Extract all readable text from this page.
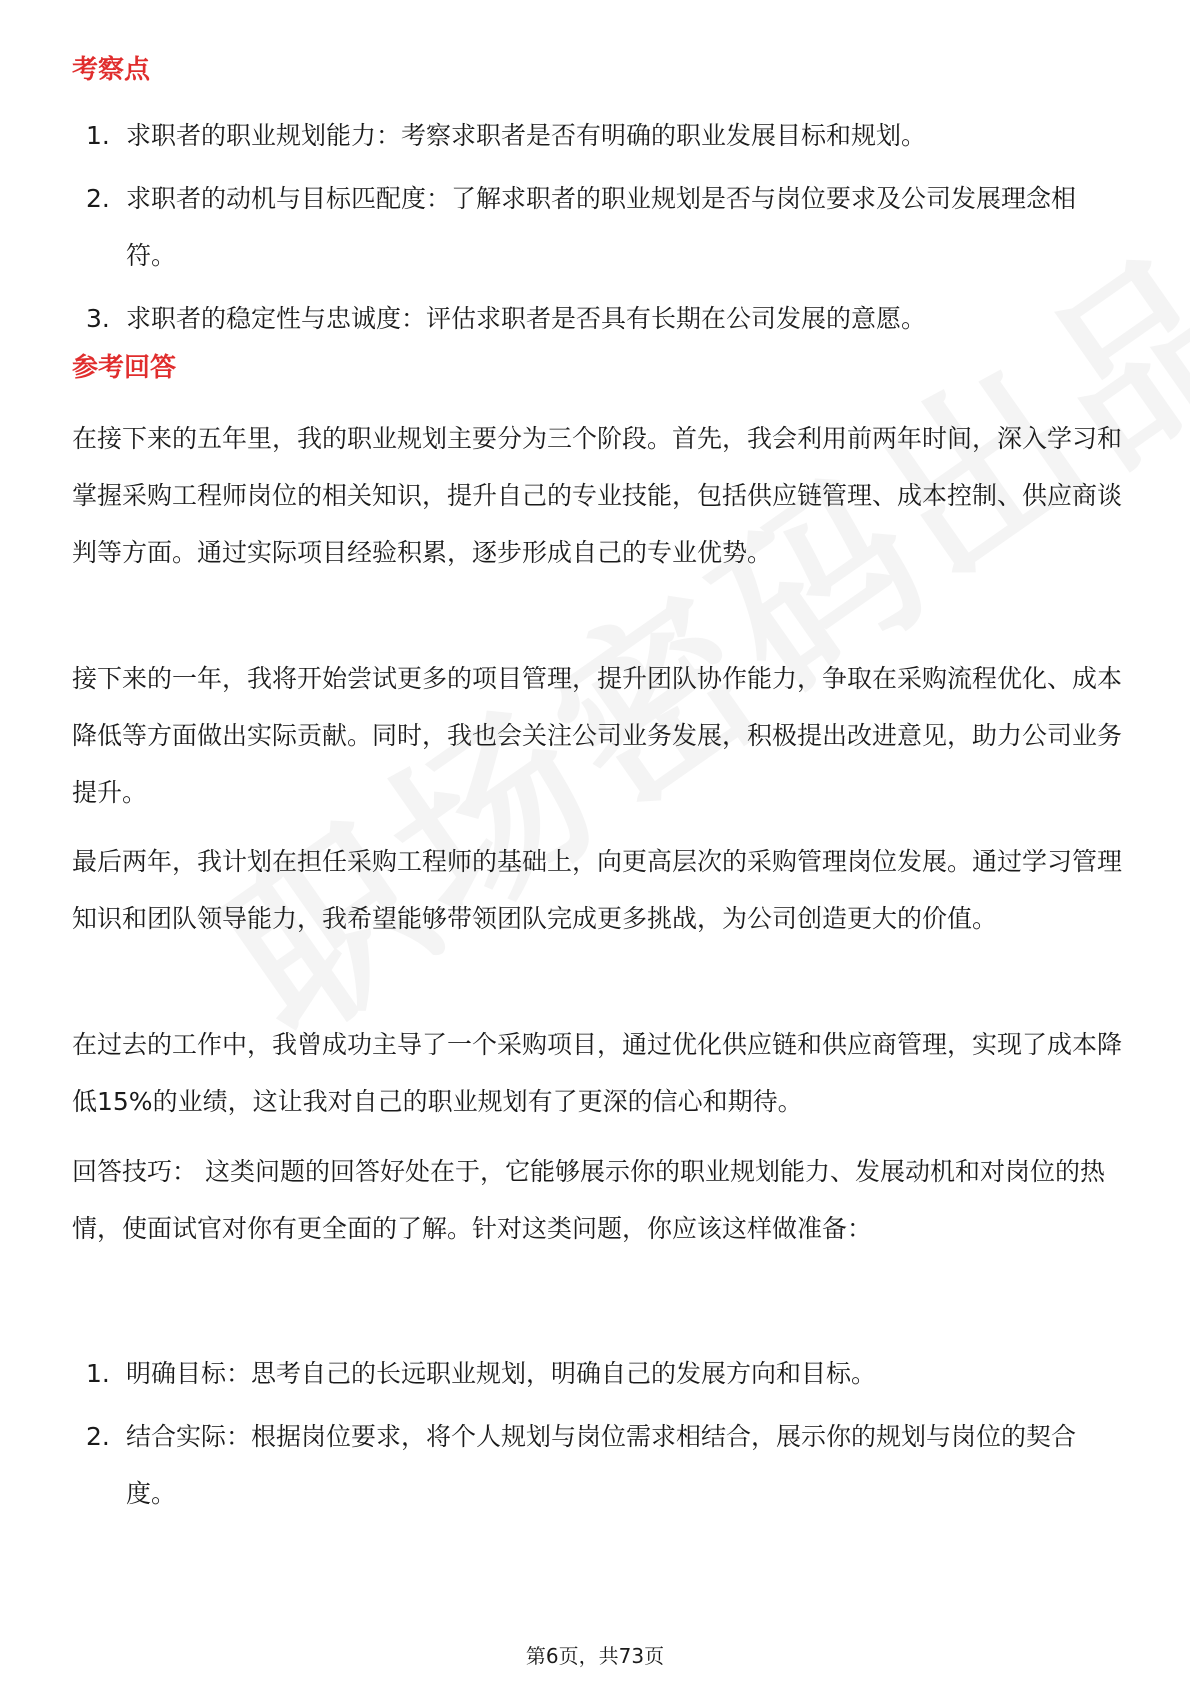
考察点
1. 求职者的职业规划能力：考察求职者是否有明确的职业发展目标和规划。
2. 求职者的动机与目标匹配度：了解求职者的职业规划是否与岗位要求及公司发展理念相符。
3. 求职者的稳定性与忠诚度：评估求职者是否具有长期在公司发展的意愿。
参考回答

在接下来的五年里，我的职业规划主要分为三个阶段。首先，我会利用前两年时间，深入学习和掌握采购工程师岗位的相关知识，提升自己的专业技能，包括供应链管理、成本控制、供应商谈判等方面。通过实际项目经验积累，逐步形成自己的专业优势。

接下来的一年，我将开始尝试更多的项目管理，提升团队协作能力，争取在采购流程优化、成本降低等方面做出实际贡献。同时，我也会关注公司业务发展，积极提出改进意见，助力公司业务提升。

最后两年，我计划在担任采购工程师的基础上，向更高层次的采购管理岗位发展。通过学习管理知识和团队领导能力，我希望能够带领团队完成更多挑战，为公司创造更大的价值。

在过去的工作中，我曾成功主导了一个采购项目，通过优化供应链和供应商管理，实现了成本降低15%的业绩，这让我对自己的职业规划有了更深的信心和期待。

回答技巧： 这类问题的回答好处在于，它能够展示你的职业规划能力、发展动机和对岗位的热情，使面试官对你有更全面的了解。针对这类问题，你应该这样做准备：

1. 明确目标：思考自己的长远职业规划，明确自己的发展方向和目标。
2. 结合实际：根据岗位要求，将个人规划与岗位需求相结合，展示你的规划与岗位的契合度。

第6页，共73页
